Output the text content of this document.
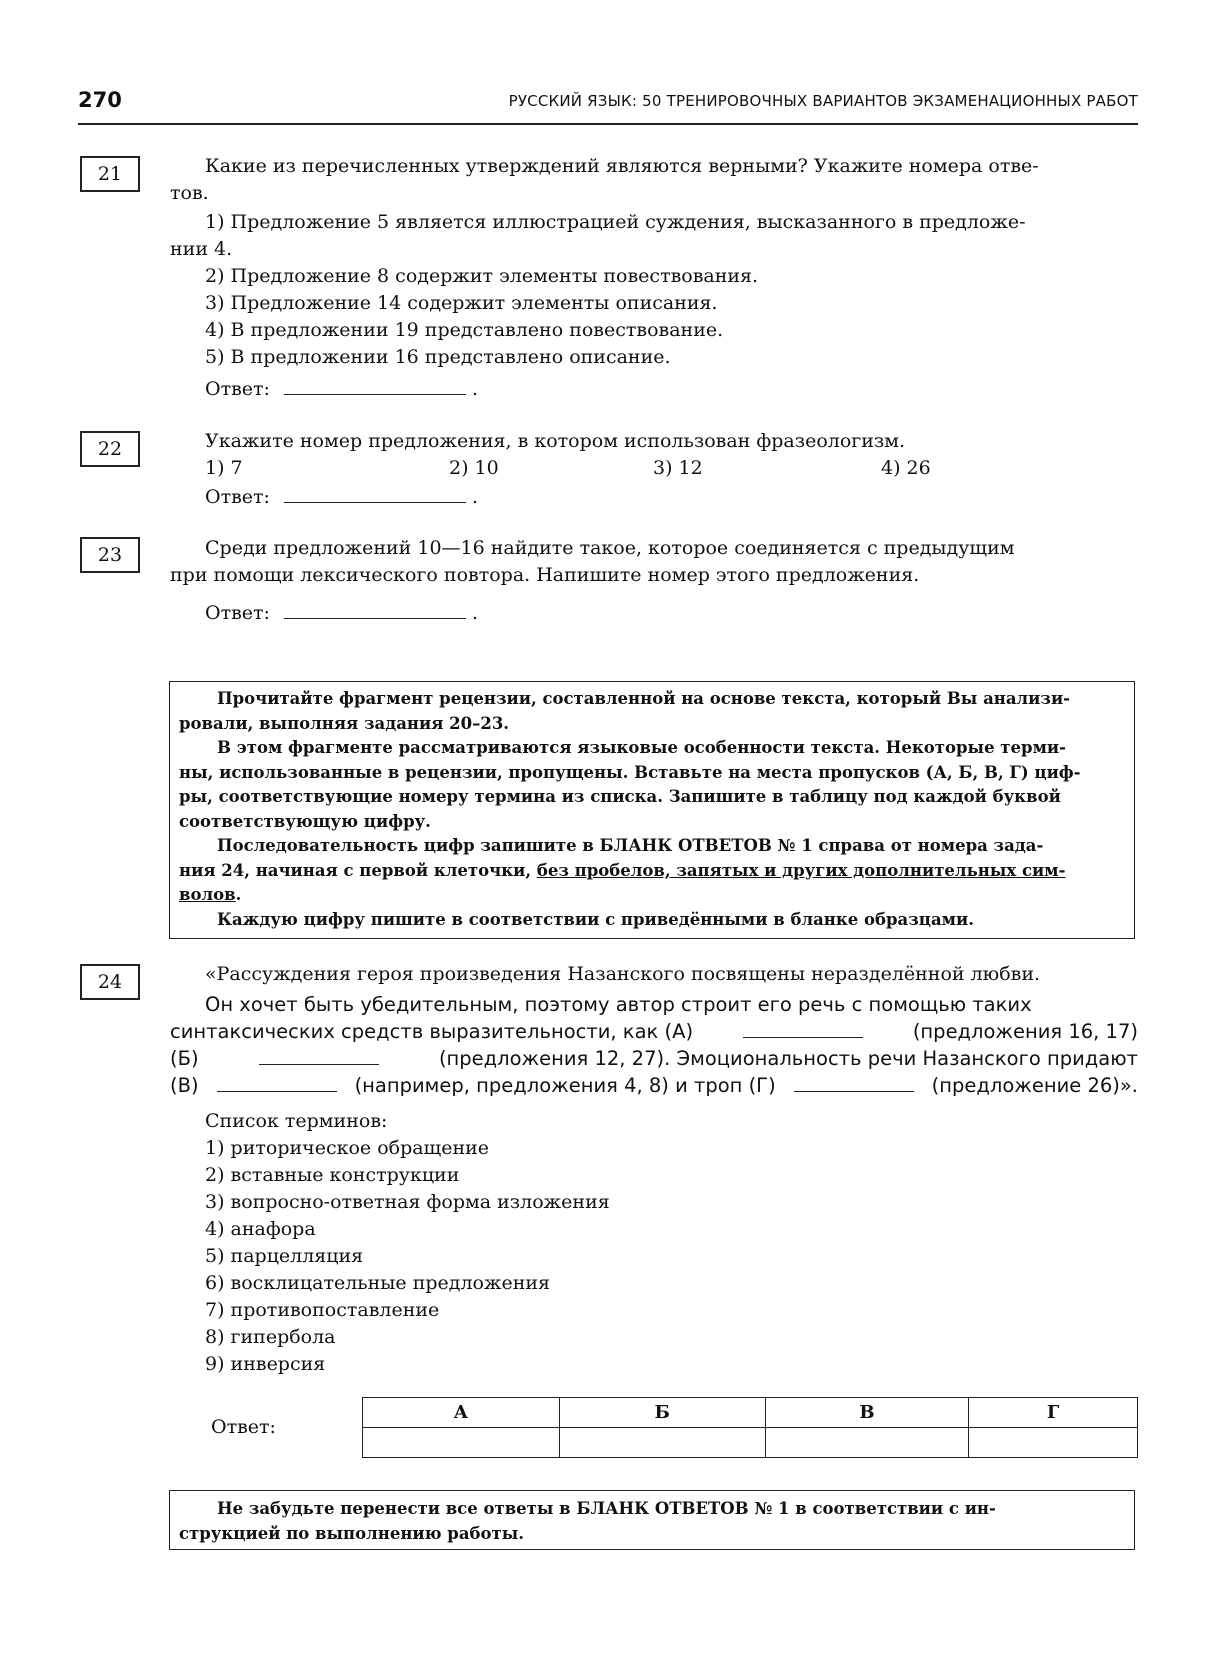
270	РУССКИЙ ЯЗЫК: 50 ТРЕНИРОВОЧНЫХ ВАРИАНТОВ ЭКЗАМЕНАЦИОННЫХ РАБОТ
21	Какие из перечисленных утверждений являются верными? Укажите номера отве-
тов.
1) Предложение 5 является иллюстрацией суждения, высказанного в предложе-
нии 4.
2) Предложение 8 содержит элементы повествования.
3) Предложение 14 содержит элементы описания.
4) В предложении 19 представлено повествование.
5) В предложении 16 представлено описание.
Ответ:	.
22	Укажите номер предложения, в котором использован фразеологизм.
1) 7	2) 10	3) 12	4) 26
Ответ:	.
23	Среди предложений 10—16 найдите такое, которое соединяется с предыдущим
при помощи лексического повтора. Напишите номер этого предложения.
Ответ:	.

Прочитайте фрагмент рецензии, составленной на основе текста, который Вы анализи-

ровали, выполняя задания 20–23.

В этом фрагменте рассматриваются языковые особенности текста. Некоторые терми-

ны, использованные в рецензии, пропущены. Вставьте на места пропусков (А, Б, В, Г) циф-

ры, соответствующие номеру термина из списка. Запишите в таблицу под каждой буквой

соответствующую цифру.

Последовательность цифр запишите в БЛАНК ОТВЕТОВ № 1 справа от номера зада-

ния 24, начиная с первой клеточки, без пробелов, запятых и других дополнительных сим-

волов.

Каждую цифру пишите в соответствии с приведёнными в бланке образцами.

24	«Рассуждения героя произведения Назанского посвящены неразделённой любви.
Он хочет быть убедительным, поэтому автор строит его речь с помощью таких
синтаксических средств выразительности, как (А)	(предложения 16, 17)
(Б)	(предложения 12, 27). Эмоциональность речи Назанского придают
(В)	(например, предложения 4, 8) и троп (Г)	(предложение 26)».
Список терминов:
1) риторическое обращение
2) вставные конструкции
3) вопросно-ответная форма изложения
4) анафора
5) парцелляция
6) восклицательные предложения
7) противопоставление
8) гипербола
9) инверсия
Ответ:
А	Б	В	Г

Не забудьте перенести все ответы в БЛАНК ОТВЕТОВ № 1 в соответствии с ин-

струкцией по выполнению работы.
